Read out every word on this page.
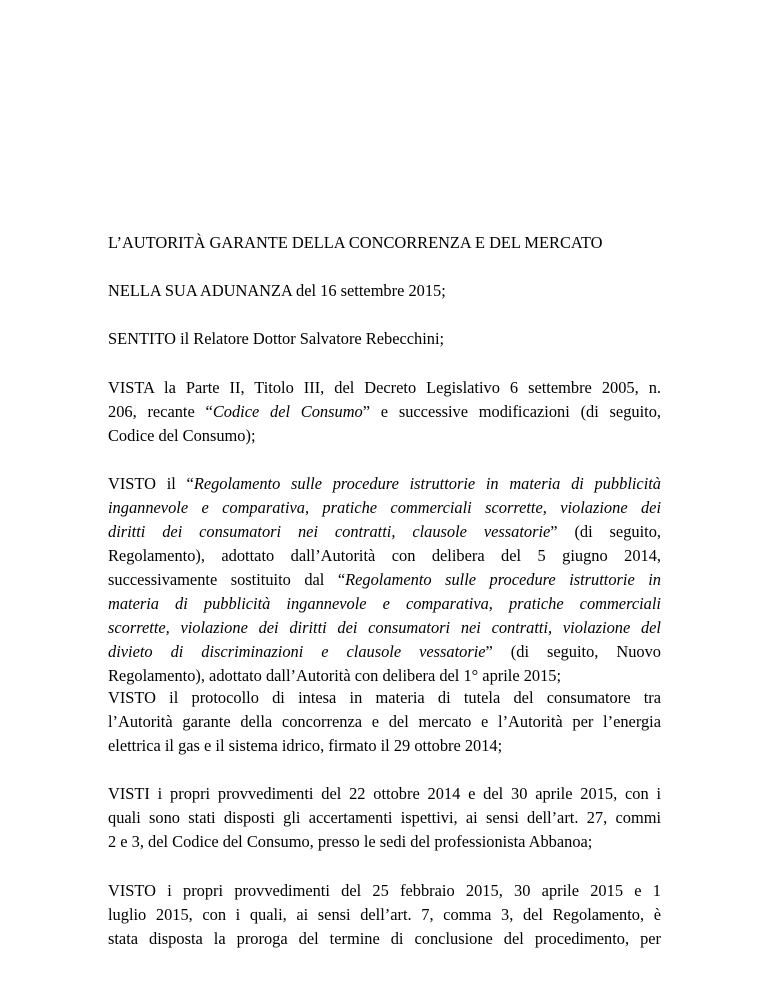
L’AUTORITÀ GARANTE DELLA CONCORRENZA E DEL MERCATO
NELLA SUA ADUNANZA del 16 settembre 2015;
SENTITO il Relatore Dottor Salvatore Rebecchini;
VISTA la Parte II, Titolo III, del Decreto Legislativo 6 settembre 2005, n.
206, recante “Codice del Consumo” e successive modificazioni (di seguito,
Codice del Consumo);
VISTO il “Regolamento sulle procedure istruttorie in materia di pubblicità
ingannevole e comparativa, pratiche commerciali scorrette, violazione dei
diritti dei consumatori nei contratti, clausole vessatorie” (di seguito,
Regolamento), adottato dall’Autorità con delibera del 5 giugno 2014,
successivamente sostituito dal “Regolamento sulle procedure istruttorie in
materia di pubblicità ingannevole e comparativa, pratiche commerciali
scorrette, violazione dei diritti dei consumatori nei contratti, violazione del
divieto di discriminazioni e clausole vessatorie” (di seguito, Nuovo
Regolamento), adottato dall’Autorità con delibera del 1° aprile 2015;
VISTO il protocollo di intesa in materia di tutela del consumatore tra
l’Autorità garante della concorrenza e del mercato e l’Autorità per l’energia
elettrica il gas e il sistema idrico, firmato il 29 ottobre 2014;
VISTI i propri provvedimenti del 22 ottobre 2014 e del 30 aprile 2015, con i
quali sono stati disposti gli accertamenti ispettivi, ai sensi dell’art. 27, commi
2 e 3, del Codice del Consumo, presso le sedi del professionista Abbanoa;
VISTO i propri provvedimenti del 25 febbraio 2015, 30 aprile 2015 e 1
luglio 2015, con i quali, ai sensi dell’art. 7, comma 3, del Regolamento, è
stata disposta la proroga del termine di conclusione del procedimento, per
